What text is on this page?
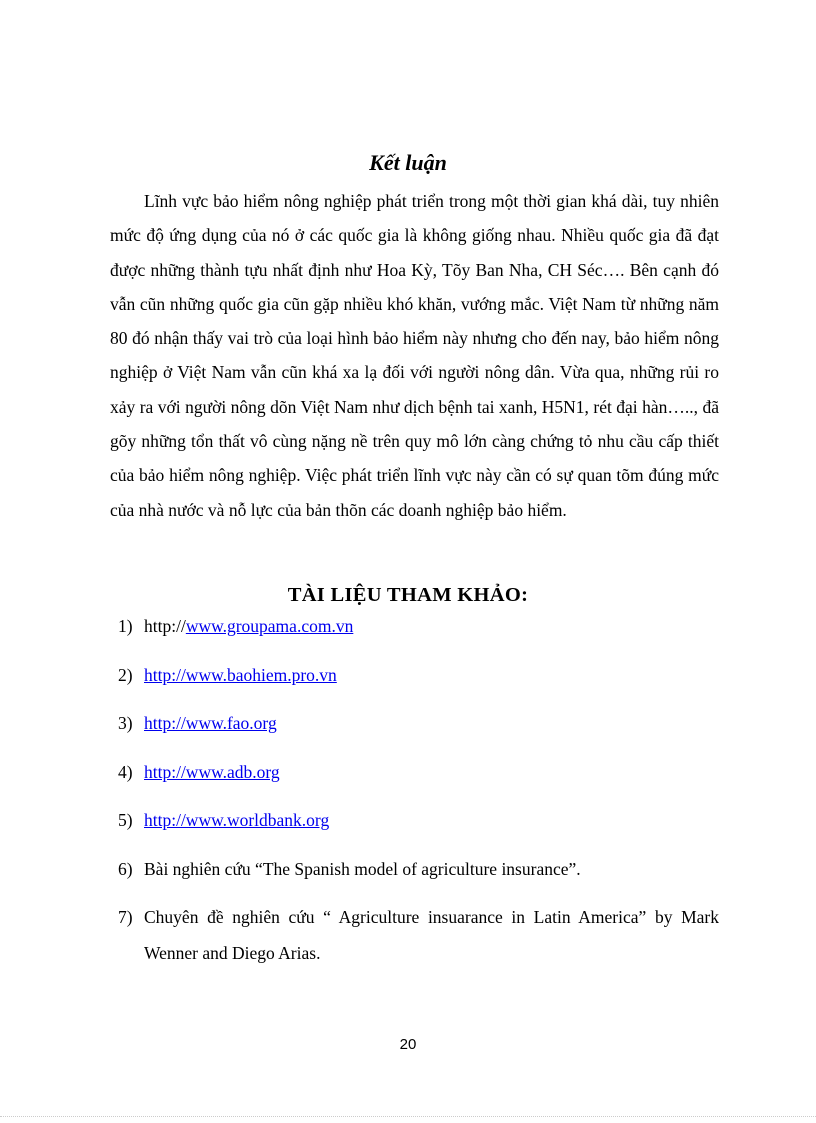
Kết luận

Lĩnh vực bảo hiểm nông nghiệp phát triển trong một thời gian khá dài, tuy nhiên mức độ ứng dụng của nó ở các quốc gia là không giống nhau. Nhiều quốc gia đã đạt được những thành tựu nhất định như Hoa Kỳ, Tõy Ban Nha, CH Séc…. Bên cạnh đó vẫn cũn những quốc gia cũn gặp nhiều khó khăn, vướng mắc. Việt Nam từ những năm 80 đó nhận thấy vai trò của loại hình bảo hiểm này nhưng cho đến nay, bảo hiểm nông nghiệp ở Việt Nam vẫn cũn khá xa lạ đối với người nông dân. Vừa qua, những rủi ro xảy ra với người nông dõn Việt Nam như dịch bệnh tai xanh, H5N1, rét đại hàn….., đã gõy những tổn thất vô cùng nặng nề trên quy mô lớn càng chứng tỏ nhu cầu cấp thiết của bảo hiểm nông nghiệp. Việc phát triển lĩnh vực này cần có sự quan tõm đúng mức của nhà nước và nỗ lực của bản thõn các doanh nghiệp bảo hiểm.

TÀI LIỆU THAM KHẢO:
1) http://www.groupama.com.vn
2) http://www.baohiem.pro.vn
3) http://www.fao.org
4) http://www.adb.org
5) http://www.worldbank.org
6) Bài nghiên cứu “The Spanish model of agriculture insurance”.
7) Chuyên đề nghiên cứu “ Agriculture insuarance in Latin America” by Mark Wenner and Diego Arias.
20
